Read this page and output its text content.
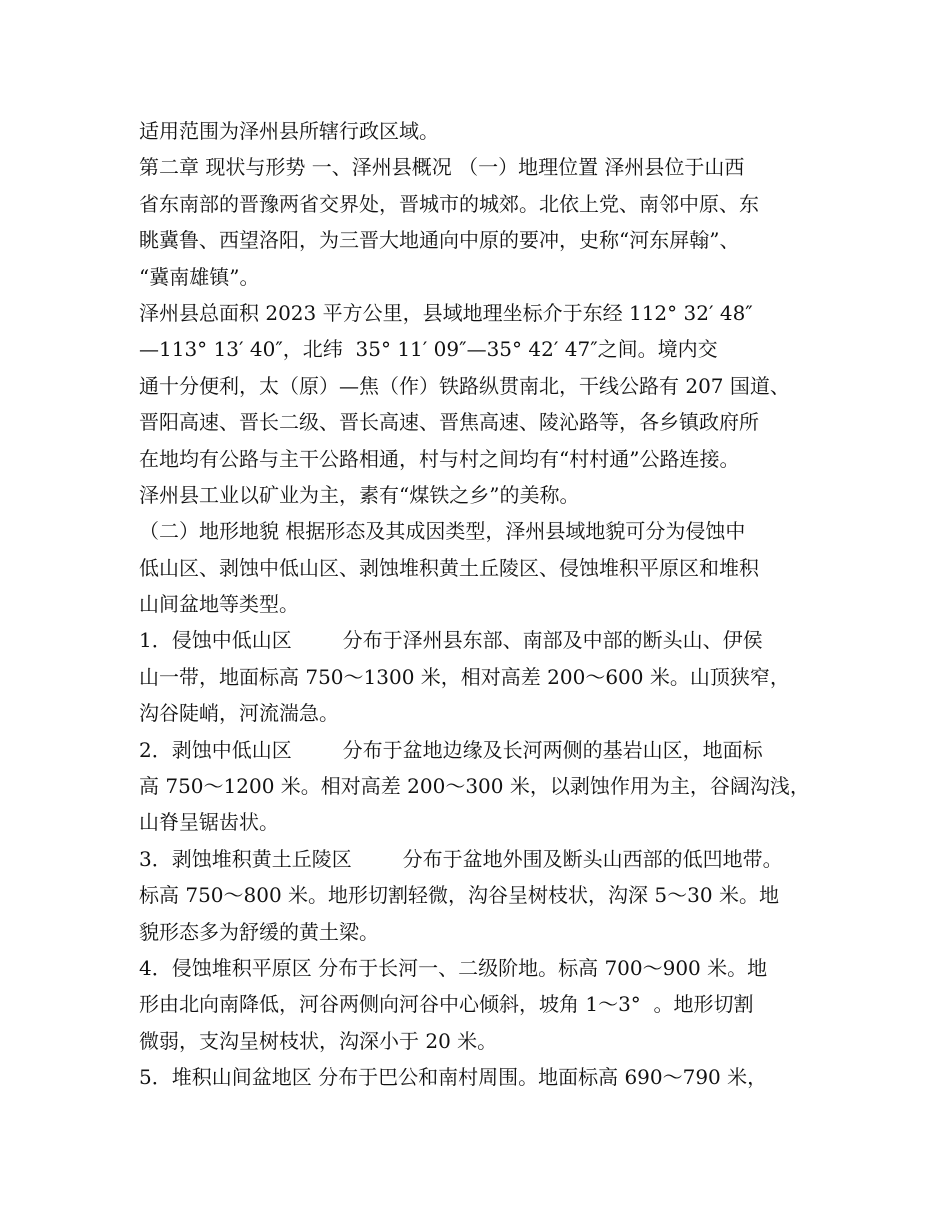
适用范围为泽州县所辖行政区域。
第二章 现状与形势 一、泽州县概况 （一）地理位置 泽州县位于山西
省东南部的晋豫两省交界处，晋城市的城郊。北依上党、南邻中原、东
眺冀鲁、西望洛阳，为三晋大地通向中原的要冲，史称“河东屏翰”、
“冀南雄镇”。
泽州县总面积 2023 平方公里，县域地理坐标介于东经 112° 32′ 48″
—113° 13′ 40″，北纬  35° 11′ 09″—35° 42′ 47″之间。境内交
通十分便利，太（原）—焦（作）铁路纵贯南北，干线公路有 207 国道、
晋阳高速、晋长二级、晋长高速、晋焦高速、陵沁路等，各乡镇政府所
在地均有公路与主干公路相通，村与村之间均有“村村通”公路连接。
泽州县工业以矿业为主，素有“煤铁之乡”的美称。
（二）地形地貌 根据形态及其成因类型，泽州县域地貌可分为侵蚀中
低山区、剥蚀中低山区、剥蚀堆积黄土丘陵区、侵蚀堆积平原区和堆积
山间盆地等类型。
1．侵蚀中低山区        分布于泽州县东部、南部及中部的断头山、伊侯
山一带，地面标高 750～1300 米，相对高差 200～600 米。山顶狭窄，
沟谷陡峭，河流湍急。
2．剥蚀中低山区        分布于盆地边缘及长河两侧的基岩山区，地面标
高 750～1200 米。相对高差 200～300 米，以剥蚀作用为主，谷阔沟浅，
山脊呈锯齿状。
3．剥蚀堆积黄土丘陵区        分布于盆地外围及断头山西部的低凹地带。
标高 750～800 米。地形切割轻微，沟谷呈树枝状，沟深 5～30 米。地
貌形态多为舒缓的黄土梁。
4．侵蚀堆积平原区 分布于长河一、二级阶地。标高 700～900 米。地
形由北向南降低，河谷两侧向河谷中心倾斜，坡角 1～3°  。地形切割
微弱，支沟呈树枝状，沟深小于 20 米。
5．堆积山间盆地区 分布于巴公和南村周围。地面标高 690～790 米，
